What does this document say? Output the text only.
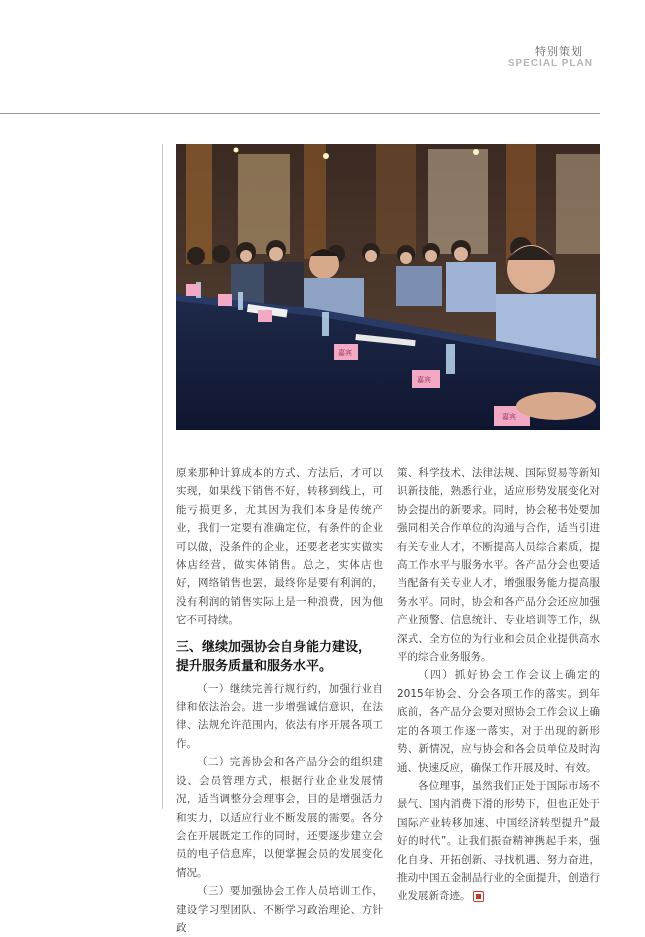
特别策划
SPECIAL PLAN
嘉宾
嘉宾
嘉宾

原来那种计算成本的方式、方法后，才可以实现，如果线下销售不好，转移到线上，可能亏损更多，尤其因为我们本身是传统产业，我们一定要有准确定位，有条件的企业可以做，没条件的企业，还要老老实实做实体店经营，做实体销售。总之，实体店也好，网络销售也罢，最终你是要有利润的，没有利润的销售实际上是一种浪费，因为他它不可持续。

三、继续加强协会自身能力建设，提升服务质量和服务水平。

（一）继续完善行规行约，加强行业自律和依法治会。进一步增强诚信意识，在法律、法规允许范围内，依法有序开展各项工作。

（二）完善协会和各产品分会的组织建设、会员管理方式，根据行业企业发展情况，适当调整分会理事会，目的是增强活力和实力，以适应行业不断发展的需要。各分会在开展既定工作的同时，还要逐步建立会员的电子信息库，以便掌握会员的发展变化情况。

（三）要加强协会工作人员培训工作，建设学习型团队、不断学习政治理论、方针政

策、科学技术、法律法规、国际贸易等新知识新技能，熟悉行业，适应形势发展变化对协会提出的新要求。同时，协会秘书处要加强同相关合作单位的沟通与合作，适当引进有关专业人才，不断提高人员综合素质，提高工作水平与服务水平。各产品分会也要适当配备有关专业人才，增强服务能力提高服务水平。同时，协会和各产品分会还应加强产业预警、信息统计、专业培训等工作，纵深式、全方位的为行业和会员企业提供高水平的综合业务服务。

（四）抓好协会工作会议上确定的2015年协会、分会各项工作的落实。到年底前，各产品分会要对照协会工作会议上确定的各项工作逐一落实，对于出现的新形势、新情况，应与协会和各会员单位及时沟通、快速反应，确保工作开展及时、有效。

各位理事，虽然我们正处于国际市场不景气、国内消费下滑的形势下，但也正处于国际产业转移加速、中国经济转型提升“最好的时代”。让我们振奋精神携起手来，强化自身、开拓创新、寻找机遇、努力奋进，推动中国五金制品行业的全面提升，创造行业发展新奇迹。
